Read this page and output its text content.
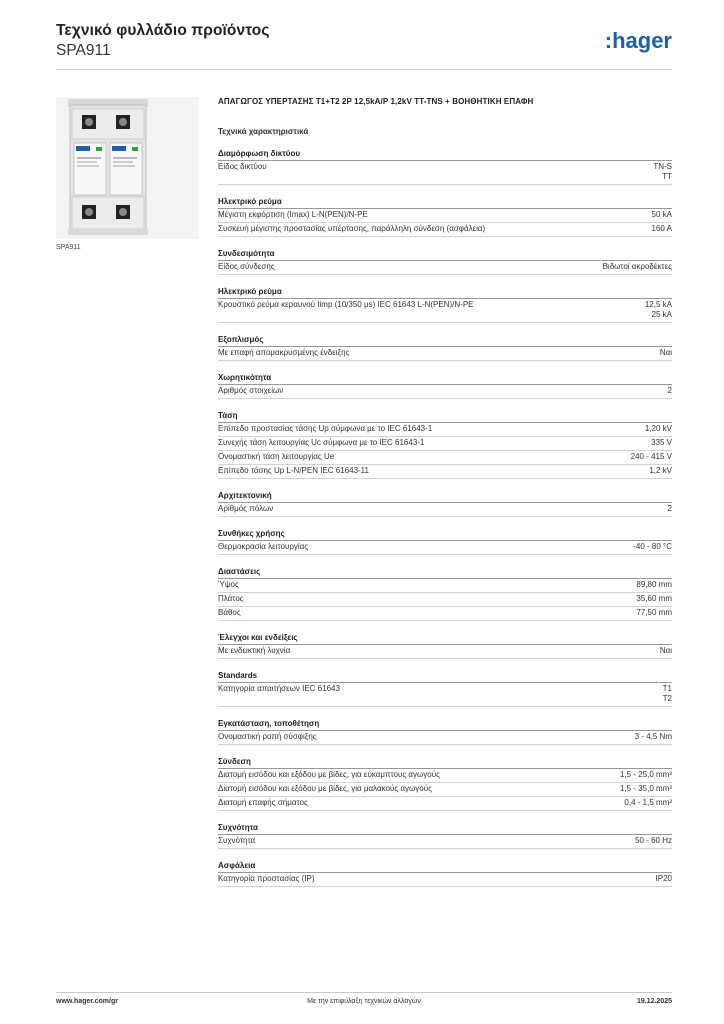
Τεχνικό φυλλάδιο προϊόντος
SPA911	:hager
SPA911
ΑΠΑΓΩΓΟΣ ΥΠΕΡΤΑΣΗΣ T1+T2 2P 12,5kA/P 1,2kV TT-TNS + ΒΟΗΘΗΤΙΚΗ ΕΠΑΦΗ
Τεχνικά χαρακτηριστικά
Διαμόρφωση δικτύου
Είδος δικτύου	TN-S
TT
Ηλεκτρικό ρεύμα
Μέγιστη εκφόρτιση (Imax) L-N(PEN)/N-PE	50 kA
Συσκευή μέγιστης προστασίας υπέρτασης, παράλληλη σύνδεση (ασφάλεια)	160 A
Συνδεσιμότητα
Είδος σύνδεσης	Βιδωτοί ακροδέκτες
Ηλεκτρικό ρεύμα
Κρουστικό ρεύμα κεραυνού Iimp (10/350 μs) IEC 61643 L-N(PEN)/N-PE	12,5 kA
25 kA
Εξοπλισμός
Με επαφή απομακρυσμένης ένδειξης	Ναι
Χωρητικότητα
Αριθμός στοιχείων	2
Τάση
Επίπεδο προστασίας τάσης Up σύμφωνα με το IEC 61643-1	1,20 kV
Συνεχής τάση λειτουργίας Uc σύμφωνα με το IEC 61643-1	335 V
Ονομαστική τάση λειτουργίας Ue	240 - 415 V
Επίπεδο τάσης Up L-N/PEN IEC 61643-11	1,2 kV
Αρχιτεκτονική
Αριθμός πόλων	2
Συνθήκες χρήσης
Θερμοκρασία λειτουργίας	-40 - 80 °C
Διαστάσεις
Ύψος	89,80 mm
Πλάτος	35,60 mm
Βάθος	77,50 mm
Έλεγχοι και ενδείξεις
Με ενδεικτική λυχνία	Ναι
Standards
Κατηγορία απαιτήσεων IEC 61643	T1
T2
Εγκατάσταση, τοποθέτηση
Ονομαστική ροπή σύσφιξης	3 - 4,5 Nm
Σύνδεση
Διατομή εισόδου και εξόδου με βίδες, για εύκαμπτους αγωγούς	1,5 - 25,0 mm²
Διατομή εισόδου και εξόδου με βίδες, για μαλακούς αγωγούς	1,5 - 35,0 mm²
Διατομή επαφής σήματος	0,4 - 1,5 mm²
Συχνότητα
Συχνότητα	50 - 60 Hz
Ασφάλεια
Κατηγορία προστασίας (IP)	IP20
www.hager.com/gr	Με την επιφύλαξη τεχνικών αλλαγών	19.12.2025
